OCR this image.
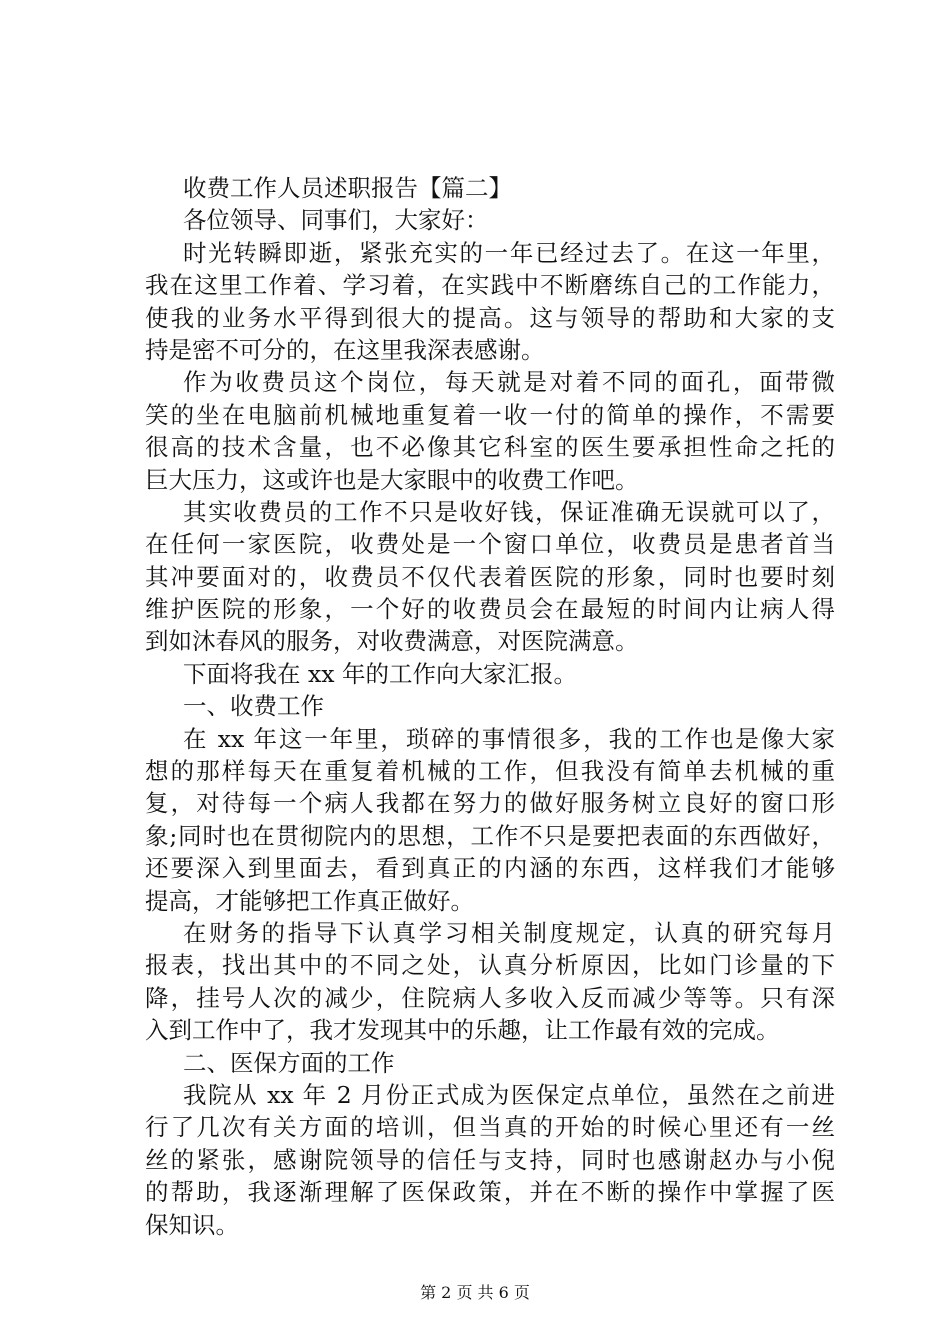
收费工作人员述职报告【篇二】
各位领导、同事们，大家好：
时光转瞬即逝，紧张充实的一年已经过去了。在这一年里，
我在这里工作着、学习着，在实践中不断磨练自己的工作能力，
使我的业务水平得到很大的提高。这与领导的帮助和大家的支
持是密不可分的，在这里我深表感谢。
作为收费员这个岗位，每天就是对着不同的面孔，面带微
笑的坐在电脑前机械地重复着一收一付的简单的操作，不需要
很高的技术含量，也不必像其它科室的医生要承担性命之托的
巨大压力，这或许也是大家眼中的收费工作吧。
其实收费员的工作不只是收好钱，保证准确无误就可以了，
在任何一家医院，收费处是一个窗口单位，收费员是患者首当
其冲要面对的，收费员不仅代表着医院的形象，同时也要时刻
维护医院的形象，一个好的收费员会在最短的时间内让病人得
到如沐春风的服务，对收费满意，对医院满意。
下面将我在 xx 年的工作向大家汇报。
一、收费工作
在 xx 年这一年里，琐碎的事情很多，我的工作也是像大家
想的那样每天在重复着机械的工作，但我没有简单去机械的重
复，对待每一个病人我都在努力的做好服务树立良好的窗口形
象;同时也在贯彻院内的思想，工作不只是要把表面的东西做好，
还要深入到里面去，看到真正的内涵的东西，这样我们才能够
提高，才能够把工作真正做好。
在财务的指导下认真学习相关制度规定，认真的研究每月
报表，找出其中的不同之处，认真分析原因，比如门诊量的下
降，挂号人次的减少，住院病人多收入反而减少等等。只有深
入到工作中了，我才发现其中的乐趣，让工作最有效的完成。
二、医保方面的工作
我院从 xx 年 2 月份正式成为医保定点单位，虽然在之前进
行了几次有关方面的培训，但当真的开始的时候心里还有一丝
丝的紧张，感谢院领导的信任与支持，同时也感谢赵办与小倪
的帮助，我逐渐理解了医保政策，并在不断的操作中掌握了医
保知识。
第 2 页 共 6 页
